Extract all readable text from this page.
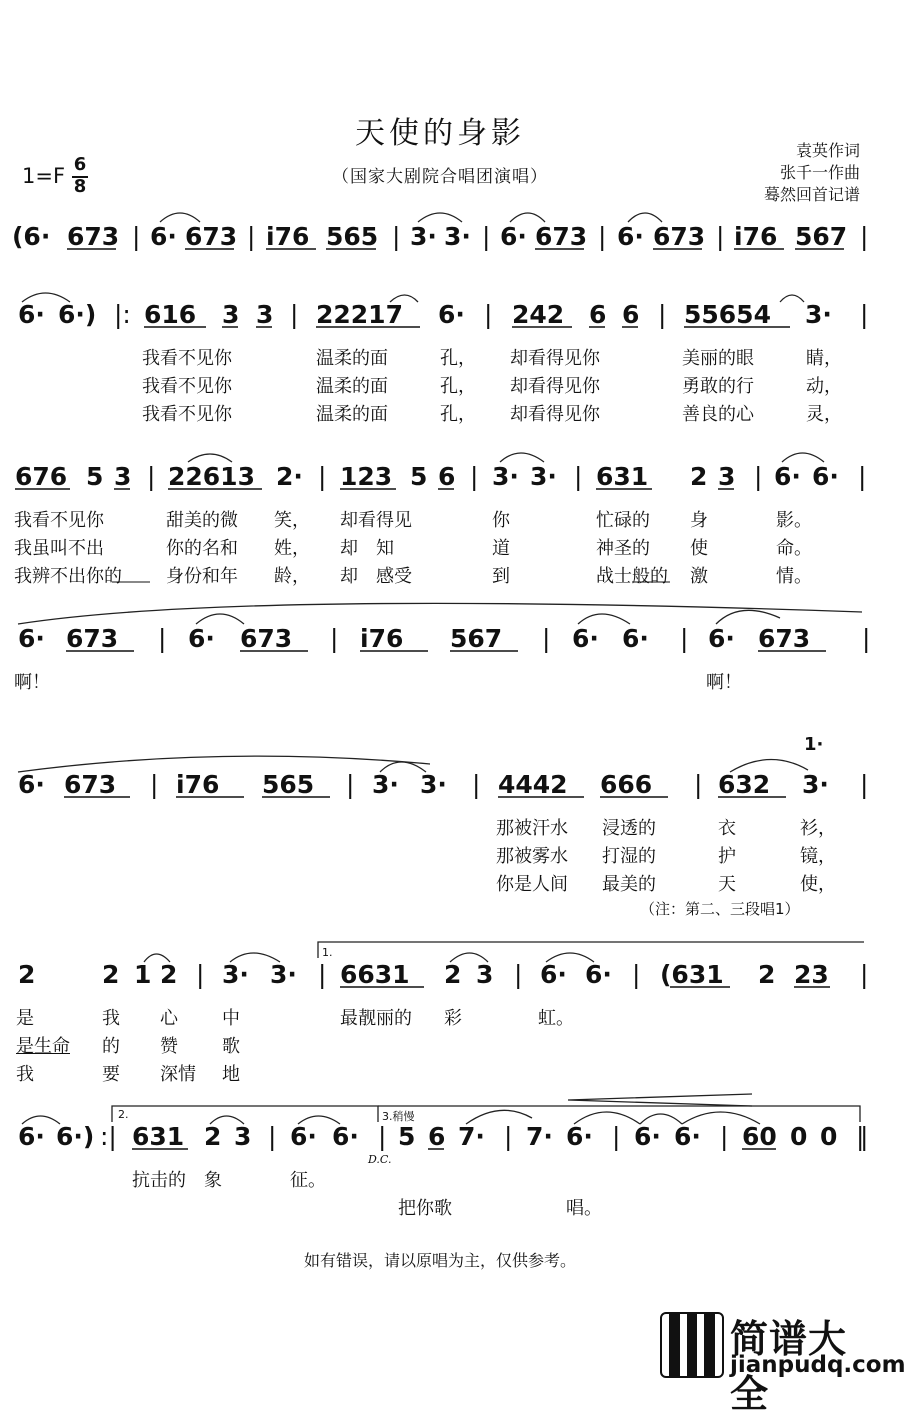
天使的身影
（国家大剧院合唱团演唱）
1=F 6
8
袁英作词
张千一作曲
蓦然回首记谱
(6· 673 | 6· 673 | i76 565 | 3· 3· | 6· 673 | 6· 673 | i76 567 |
6· 6·) |: 616 3 3 | 22217 6· | 242 6 6 | 55654 3· |
676 5 3 | 22613 2· | 123 5 6 | 3· 3· | 631 2 3 | 6· 6· |
6· 673 | 6· 673 | i76 567 | 6· 6· | 6· 673 |
6· 673 | i76 565 | 3· 3· | 4442 666 | 632 3· |
2	2 1 2 | 3· 3· | 6631 2 3 | 6· 6· | (631 2 23 |
6· 6·) :| 631 2 3 | 6· 6· | 5 6 7· | 7· 6· | 6· 6· | 60 0 0 ‖
我看不见你	温柔的面	孔， 却看得见你	美丽的眼	睛，
我看不见你	温柔的面	孔， 却看得见你	勇敢的行	动，
我看不见你	温柔的面	孔， 却看得见你	善良的心	灵，
我看不见你	甜美的微 笑， 却看得见	你	忙碌的 身	影。
我虽叫不出	你的名和 姓， 却　知	道	神圣的 使	命。
我辨不出你的 身份和年 龄， 却　感受	到	战士般的 激	情。
啊！	啊！
1·
那被汗水 浸透的	衣	衫，
那被雾水 打湿的	护	镜，
你是人间 最美的	天	使，
（注：第二、三段唱1）
1.
是	我 心 中	最靓丽的 彩	虹。
是生命 的 赞 歌
我	要 深情 地
2.	3.稍慢
D.C.
抗击的 象	征。
把你歌	唱。
如有错误，请以原唱为主，仅供参考。
简谱大全
jianpudq.com
